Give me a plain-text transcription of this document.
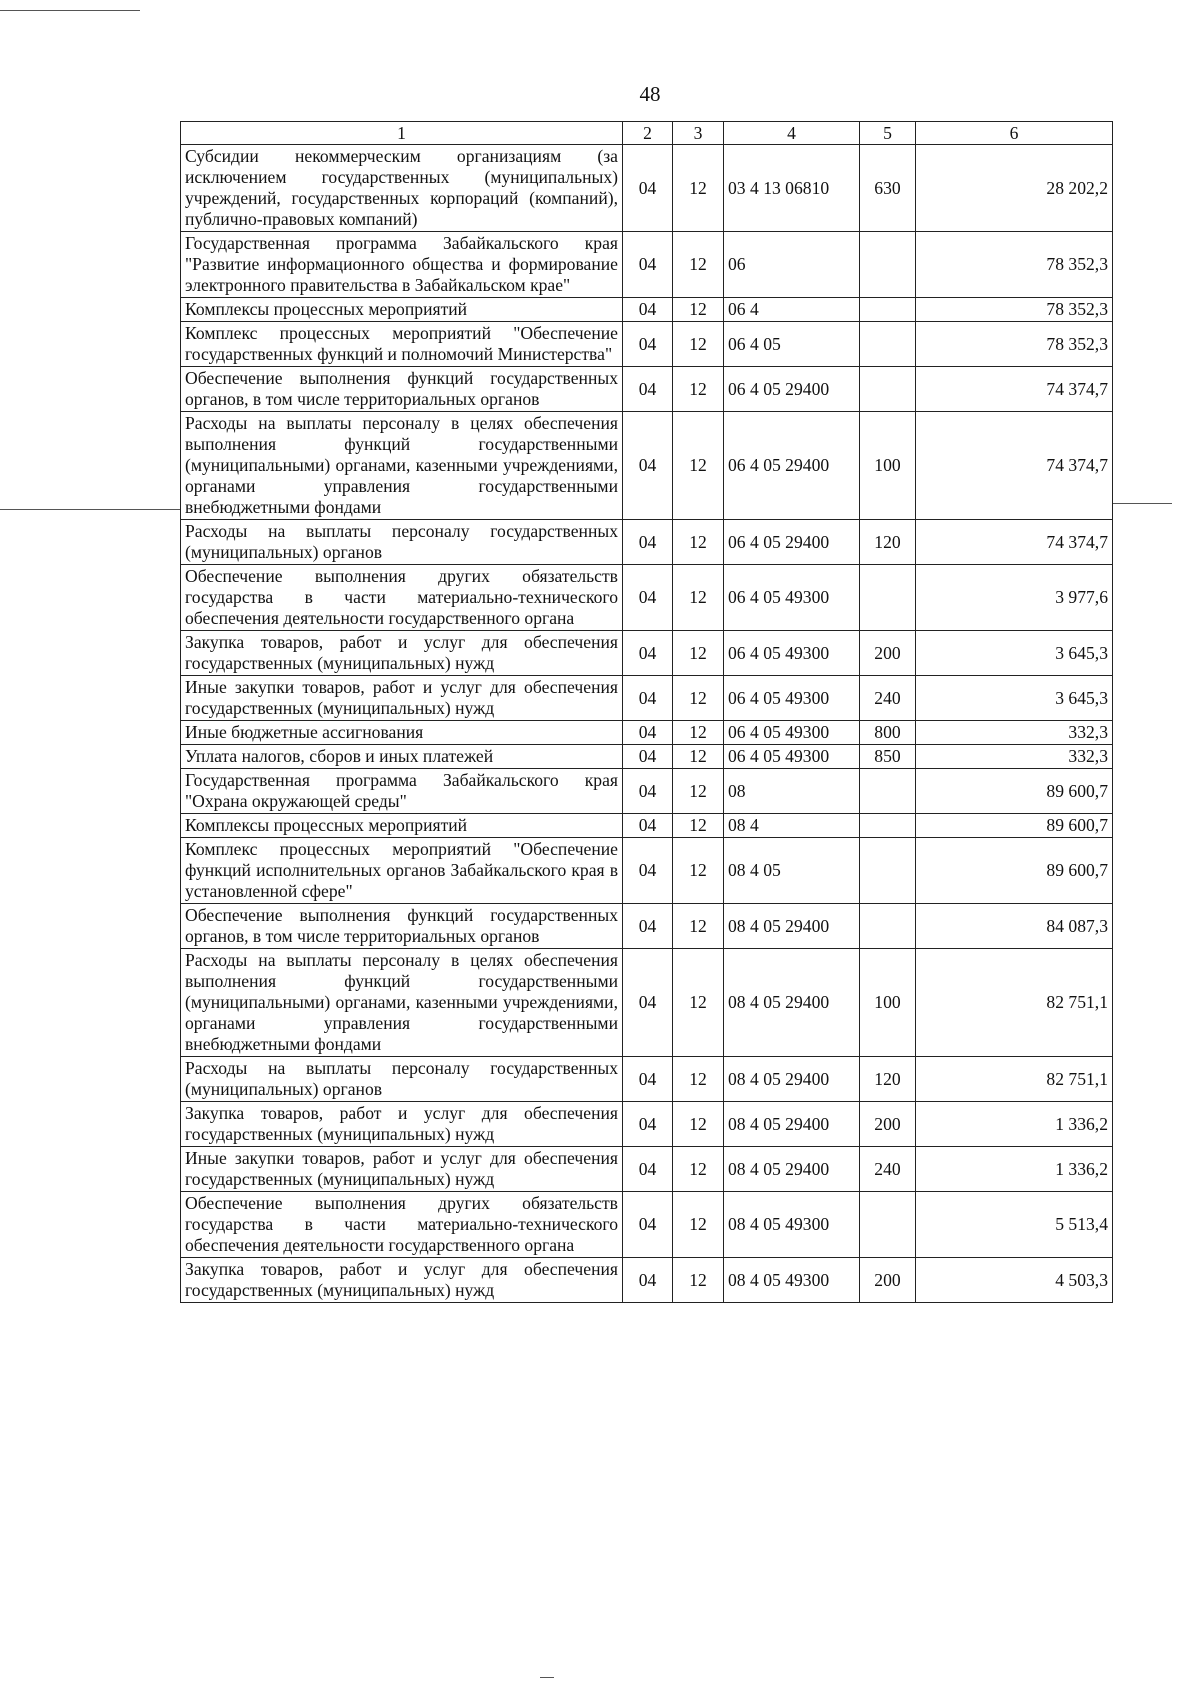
48
1	2	3	4	5	6
Субсидии некоммерческим организациям (за исключением государственных (муниципальных) учреждений, государственных корпораций (компаний), публично-правовых компаний)	04	12	03 4 13 06810	630	28 202,2
Государственная программа Забайкальского края "Развитие информационного общества и формирование электронного правительства в Забайкальском крае"	04	12	06		78 352,3
Комплексы процессных мероприятий	04	12	06 4		78 352,3
Комплекс процессных мероприятий "Обеспечение государственных функций и полномочий Министерства"	04	12	06 4 05		78 352,3
Обеспечение выполнения функций государственных органов, в том числе территориальных органов	04	12	06 4 05 29400		74 374,7
Расходы на выплаты персоналу в целях обеспечения выполнения функций государственными (муниципальными) органами, казенными учреждениями, органами управления государственными внебюджетными фондами	04	12	06 4 05 29400	100	74 374,7
Расходы на выплаты персоналу государственных (муниципальных) органов	04	12	06 4 05 29400	120	74 374,7
Обеспечение выполнения других обязательств государства в части материально-технического обеспечения деятельности государственного органа	04	12	06 4 05 49300		3 977,6
Закупка товаров, работ и услуг для обеспечения государственных (муниципальных) нужд	04	12	06 4 05 49300	200	3 645,3
Иные закупки товаров, работ и услуг для обеспечения государственных (муниципальных) нужд	04	12	06 4 05 49300	240	3 645,3
Иные бюджетные ассигнования	04	12	06 4 05 49300	800	332,3
Уплата налогов, сборов и иных платежей	04	12	06 4 05 49300	850	332,3
Государственная программа Забайкальского края "Охрана окружающей среды"	04	12	08		89 600,7
Комплексы процессных мероприятий	04	12	08 4		89 600,7
Комплекс процессных мероприятий "Обеспечение функций исполнительных органов Забайкальского края в установленной сфере"	04	12	08 4 05		89 600,7
Обеспечение выполнения функций государственных органов, в том числе территориальных органов	04	12	08 4 05 29400		84 087,3
Расходы на выплаты персоналу в целях обеспечения выполнения функций государственными (муниципальными) органами, казенными учреждениями, органами управления государственными внебюджетными фондами	04	12	08 4 05 29400	100	82 751,1
Расходы на выплаты персоналу государственных (муниципальных) органов	04	12	08 4 05 29400	120	82 751,1
Закупка товаров, работ и услуг для обеспечения государственных (муниципальных) нужд	04	12	08 4 05 29400	200	1 336,2
Иные закупки товаров, работ и услуг для обеспечения государственных (муниципальных) нужд	04	12	08 4 05 29400	240	1 336,2
Обеспечение выполнения других обязательств государства в части материально-технического обеспечения деятельности государственного органа	04	12	08 4 05 49300		5 513,4
Закупка товаров, работ и услуг для обеспечения государственных (муниципальных) нужд	04	12	08 4 05 49300	200	4 503,3
